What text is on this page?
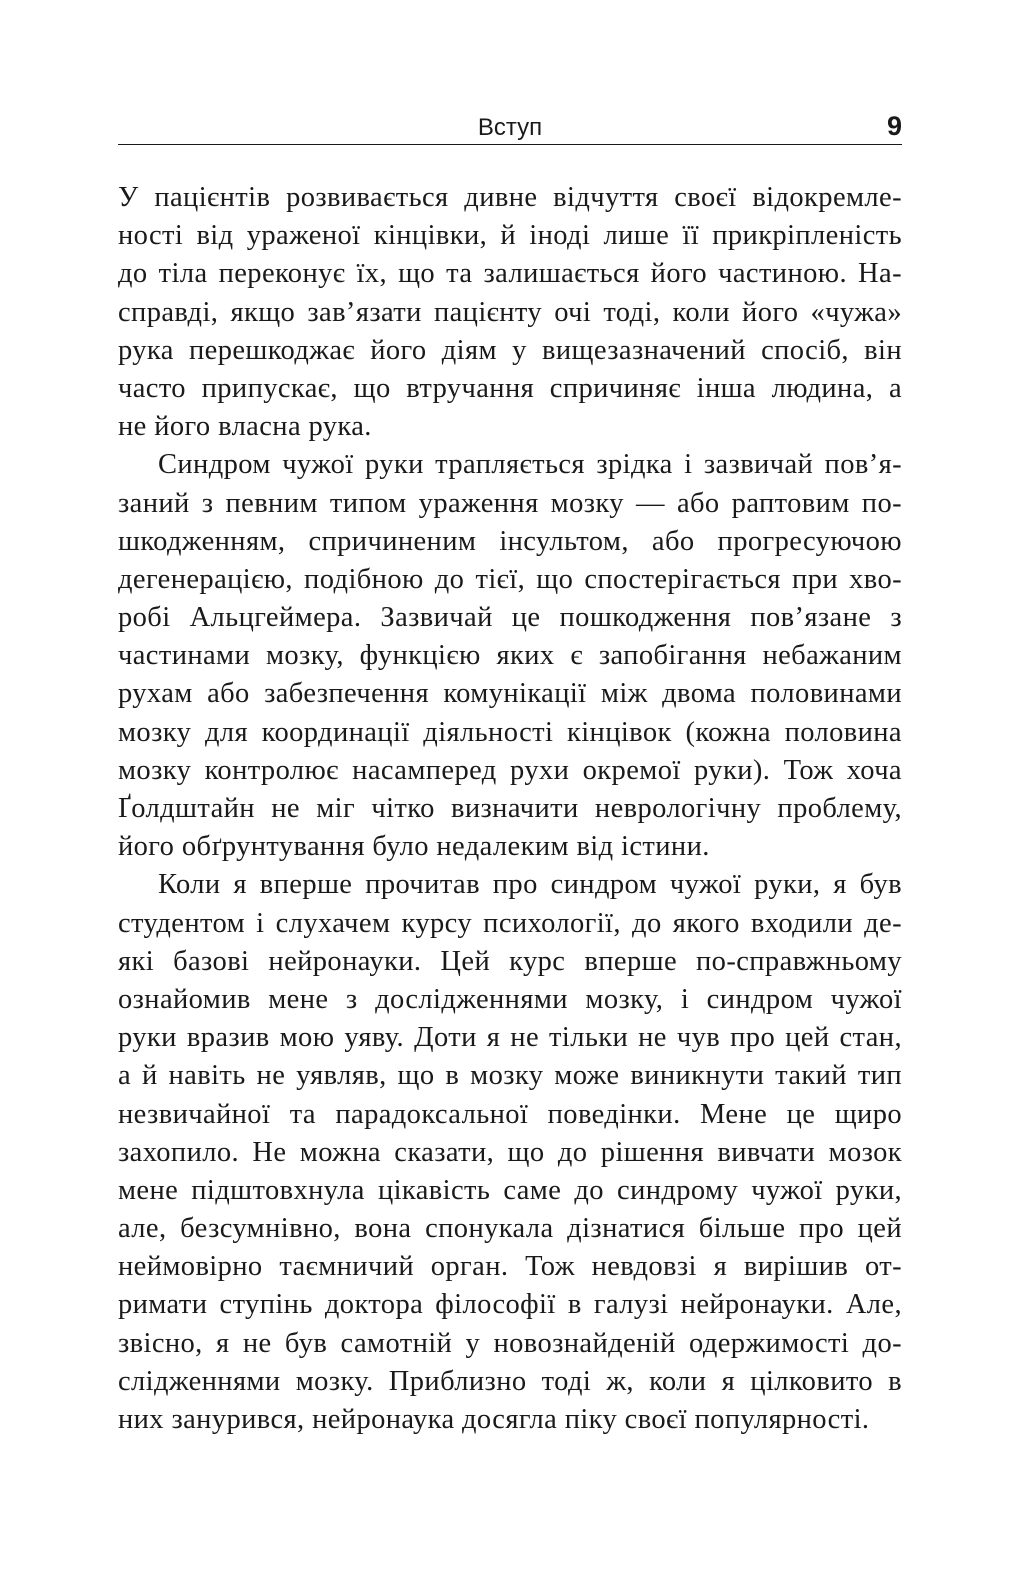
Вступ	9

У пацієнтів розвивається дивне відчуття своєї відокремле-
ності від ураженої кінцівки, й іноді лише її прикріпленість
до тіла переконує їх, що та залишається його частиною. На-
справді, якщо зав’язати пацієнту очі тоді, коли його «чужа»
рука перешкоджає його діям у вищезазначений спосіб, він
часто припускає, що втручання спричиняє інша людина, а
не його власна рука.

Синдром чужої руки трапляється зрідка і зазвичай пов’я-
заний з певним типом ураження мозку — або раптовим по-
шкодженням, спричиненим інсультом, або прогресуючою
дегенерацією, подібною до тієї, що спостерігається при хво-
робі Альцгеймера. Зазвичай це пошкодження пов’язане з
частинами мозку, функцією яких є запобігання небажаним
рухам або забезпечення комунікації між двома половинами
мозку для координації діяльності кінцівок (кожна половина
мозку контролює насамперед рухи окремої руки). Тож хоча
Ґолдштайн не міг чітко визначити неврологічну проблему,
його обґрунтування було недалеким від істини.

Коли я вперше прочитав про синдром чужої руки, я був
студентом і слухачем курсу психології, до якого входили де-
які базові нейронауки. Цей курс вперше по-справжньому
ознайомив мене з дослідженнями мозку, і синдром чужої
руки вразив мою уяву. Доти я не тільки не чув про цей стан,
а й навіть не уявляв, що в мозку може виникнути такий тип
незвичайної та парадоксальної поведінки. Мене це щиро
захопило. Не можна сказати, що до рішення вивчати мозок
мене підштовхнула цікавість саме до синдрому чужої руки,
але, безсумнівно, вона спонукала дізнатися більше про цей
неймовірно таємничий орган. Тож невдовзі я вирішив от-
римати ступінь доктора філософії в галузі нейронауки. Але,
звісно, я не був самотній у новознайденій одержимості до-
слідженнями мозку. Приблизно тоді ж, коли я цілковито в
них занурився, нейронаука досягла піку своєї популярності.
